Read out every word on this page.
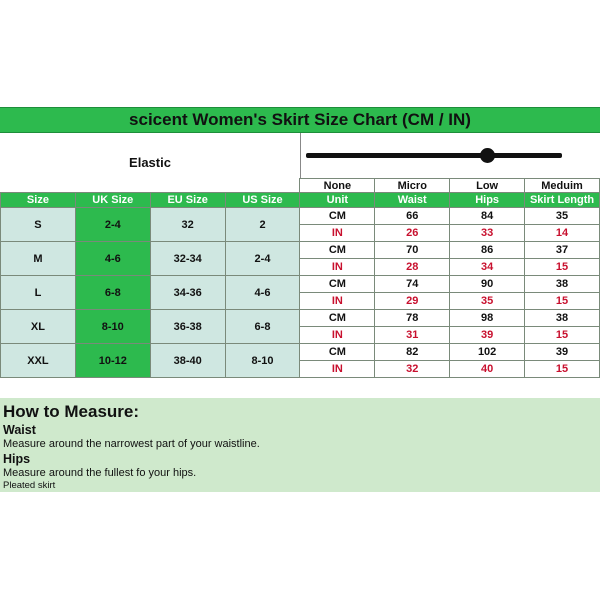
scicent Women's Skirt Size Chart (CM / IN)
Elastic
				None	Micro	Low	Meduim
Size	UK Size	EU Size	US Size	Unit	Waist	Hips	Skirt Length
S	2-4	32	2	CM	66	84	35
				IN	26	33	14
M	4-6	32-34	2-4	CM	70	86	37
				IN	28	34	15
L	6-8	34-36	4-6	CM	74	90	38
				IN	29	35	15
XL	8-10	36-38	6-8	CM	78	98	38
				IN	31	39	15
XXL	10-12	38-40	8-10	CM	82	102	39
				IN	32	40	15
How to Measure:
Waist
Measure around the narrowest part of your waistline.
Hips
Measure around the fullest fo your hips.
Pleated skirt
